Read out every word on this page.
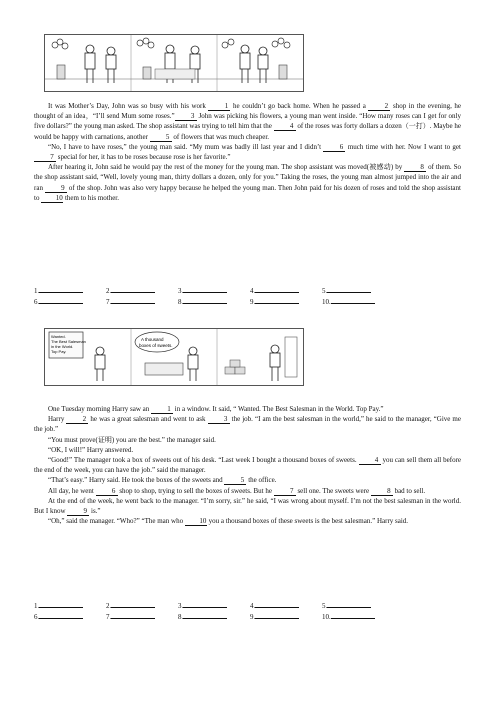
It was Mother’s Day, John was so busy with his work 1 he couldn’t go back home. When he passed a 2 shop in the evening, he thought of an idea，“I’ll send Mum some roses.” 3 John was picking his flowers, a young man went inside. “How many roses can I get for only five dollars?” the young man asked. The shop assistant was trying to tell him that the 4 of the roses was forty dollars a dozen（一打）. Maybe he would be happy with carnations, another 5 of flowers that was much cheaper.

“No, I have to have roses,” the young man said. “My mum was badly ill last year and I didn’t 6 much time with her. Now I want to get 7 special for her, it has to be roses because rose is her favorite.”

After hearing it, John said he would pay the rest of the money for the young man. The shop assistant was moved(被感动) by 8 of them. So the shop assistant said, “Well, lovely young man, thirty dollars a dozen, only for you.” Taking the roses, the young man almost jumped into the air and ran 9 of the shop. John was also very happy because he helped the young man. Then John paid for his dozen of roses and told the shop assistant to 10 them to his mother.

1.	2.	3.	4.	5.
6.	7.	8.	9.	10.
Wanted.
The Best Salesman
in the World.
Top Pay.
A thousand
boxes of sweets.

One Tuesday morning Harry saw an 1 in a window. It said, “ Wanted. The Best Salesman in the World. Top Pay.”

Harry 2 he was a great salesman and went to ask 3 the job. “I am the best salesman in the world,” he said to the manager, “Give me the job.”

“You must prove(证明) you are the best.” the manager said.

“OK, I will!” Harry answered.

“Good!” The manager took a box of sweets out of his desk. “Last week I bought a thousand boxes of sweets. 4 you can sell them all before the end of the week, you can have the job.” said the manager.

“That’s easy.” Harry said. He took the boxes of the sweets and 5 the office.

All day, he went 6 shop to shop, trying to sell the boxes of sweets. But he 7 sell one. The sweets were 8 bad to sell.

At the end of the week, he went back to the manager. “I’m sorry, sir.” he said, “I was wrong about myself. I’m not the best salesman in the world. But I know 9 is.”

“Oh,” said the manager. “Who?” “The man who 10 you a thousand boxes of these sweets is the best salesman.” Harry said.

1.	2.	3.	4.	5.
6.	7.	8.	9.	10.
